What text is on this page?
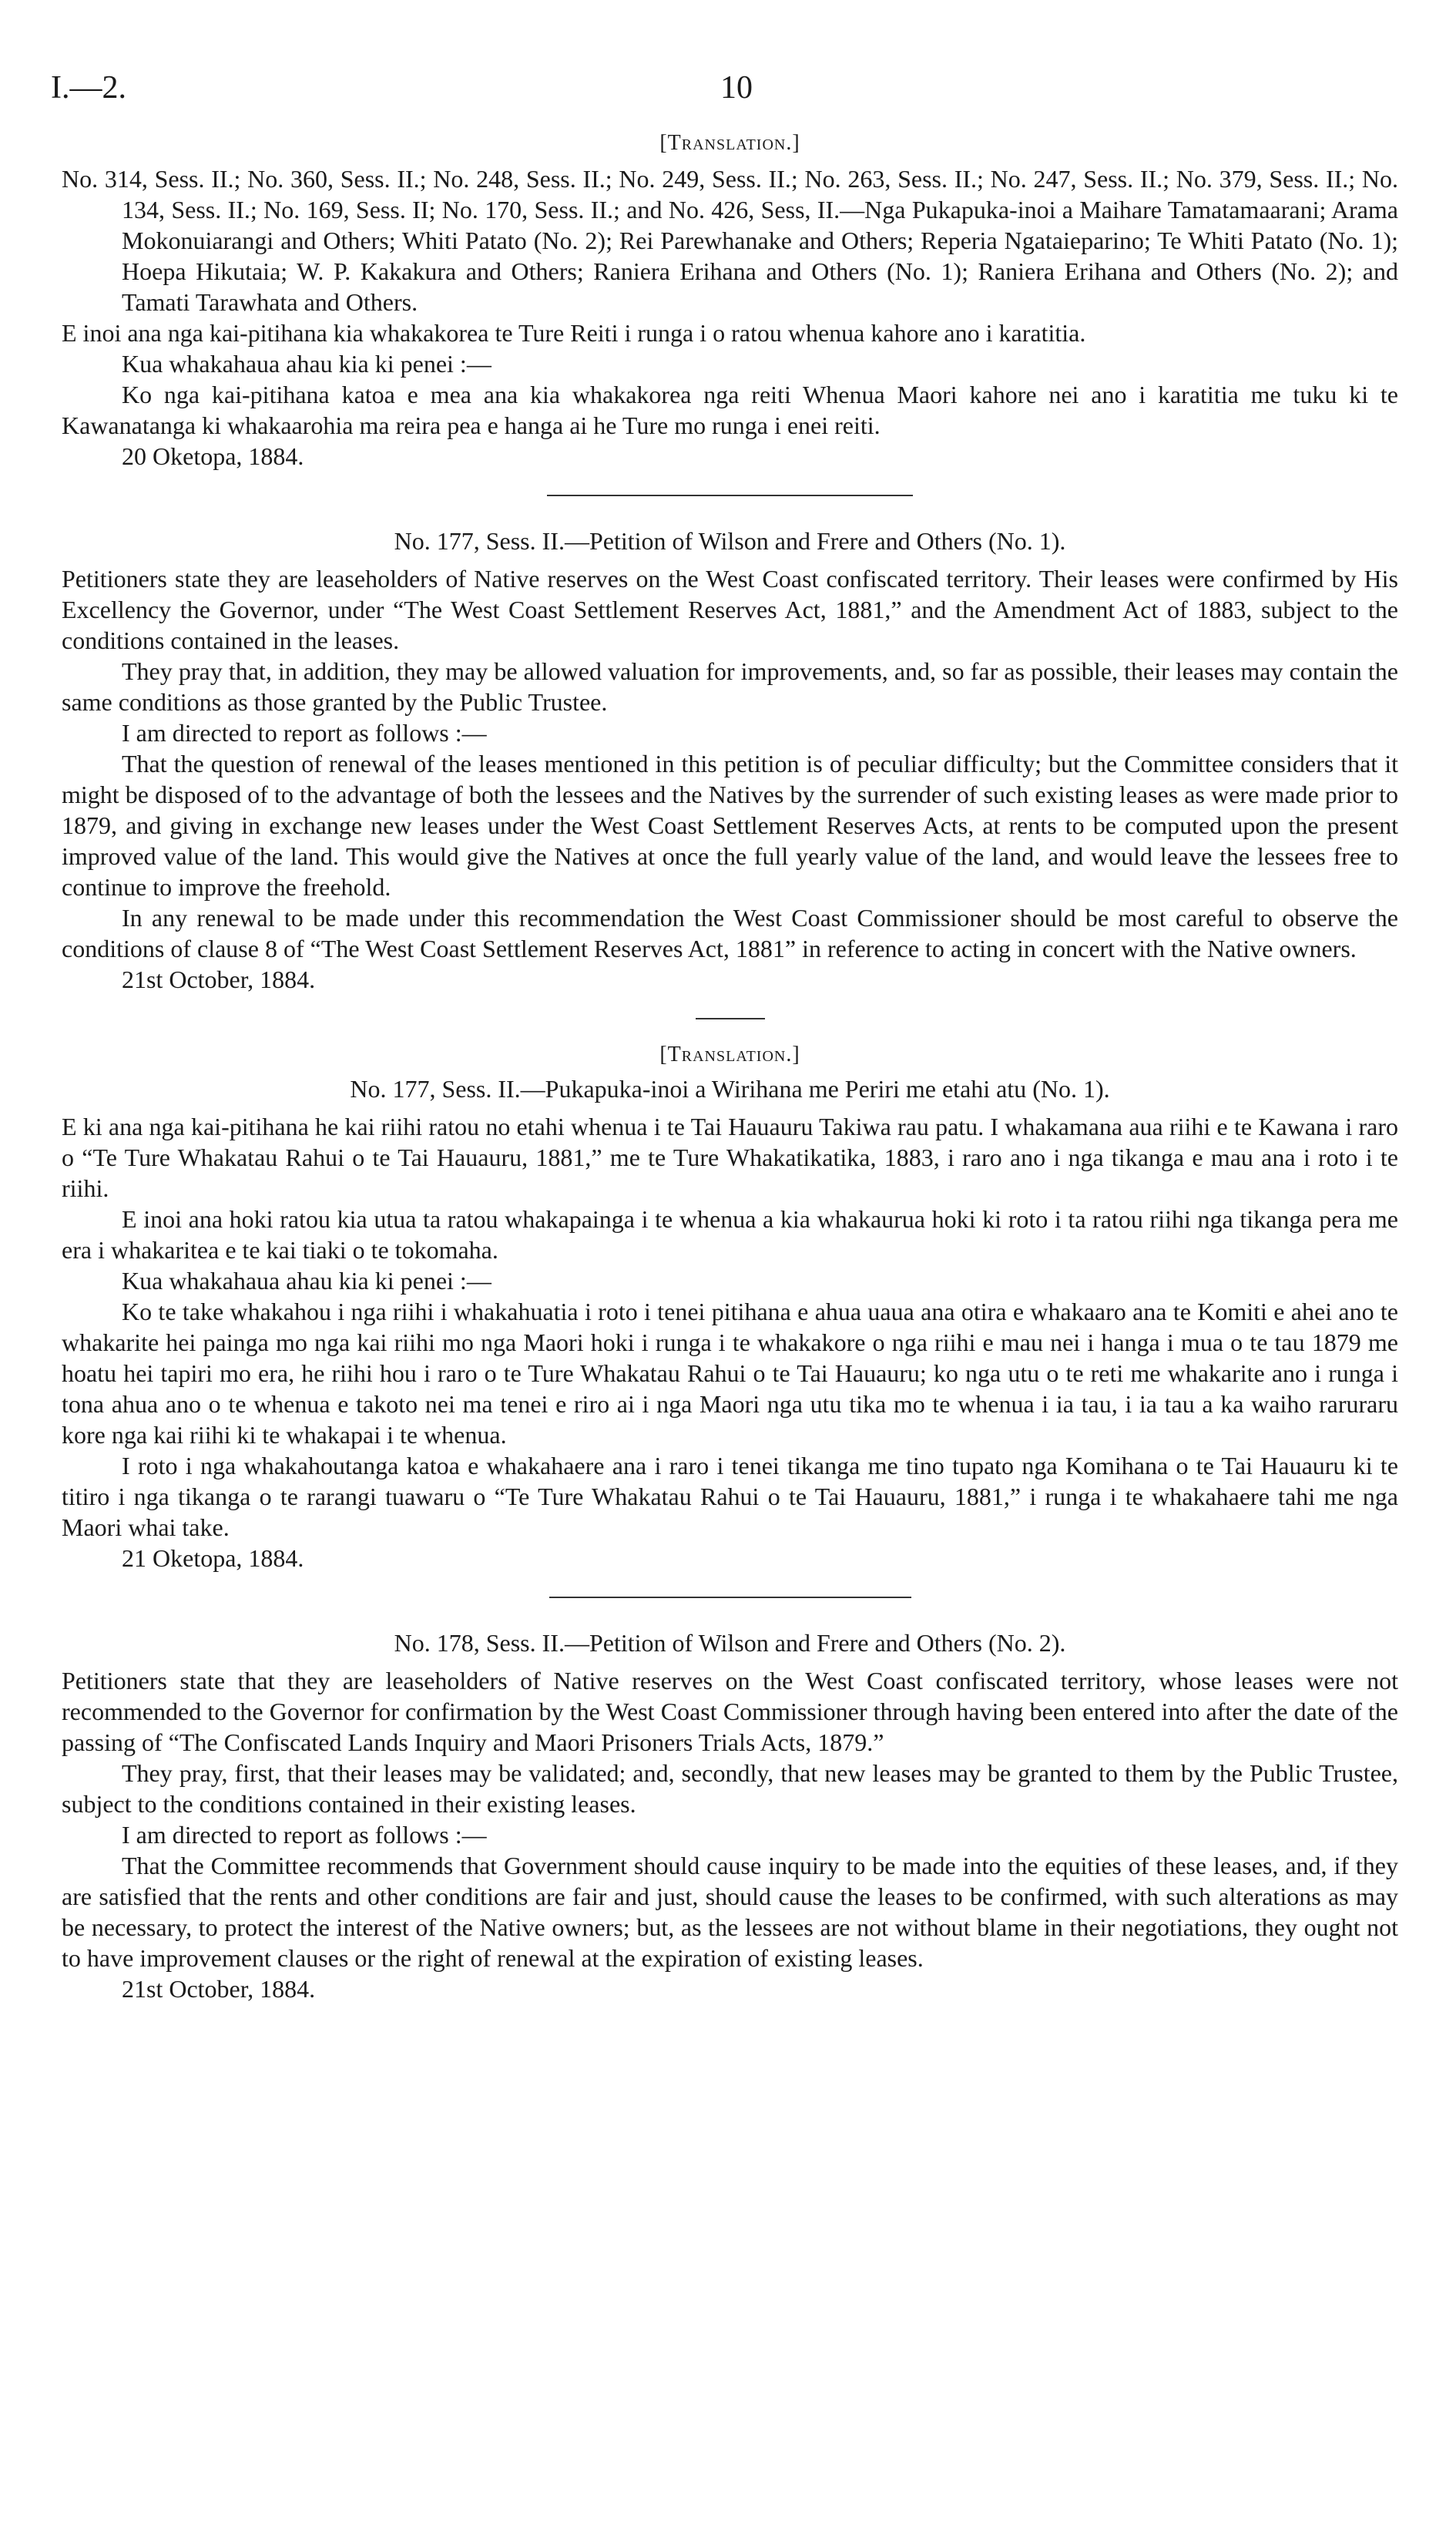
I.—2.	10
[Translation.]

No. 314, Sess. II.; No. 360, Sess. II.; No. 248, Sess. II.; No. 249, Sess. II.; No. 263, Sess. II.; No. 247, Sess. II.; No. 379, Sess. II.; No. 134, Sess. II.; No. 169, Sess. II; No. 170, Sess. II.; and No. 426, Sess, II.—Nga Pukapuka-inoi a Maihare Tamatamaarani; Arama Mokonuiarangi and Others; Whiti Patato (No. 2); Rei Parewhanake and Others; Reperia Ngataieparino; Te Whiti Patato (No. 1); Hoepa Hikutaia; W. P. Kakakura and Others; Raniera Erihana and Others (No. 1); Raniera Erihana and Others (No. 2); and Tamati Tarawhata and Others.

E inoi ana nga kai-pitihana kia whakakorea te Ture Reiti i runga i o ratou whenua kahore ano i karatitia.

Kua whakahaua ahau kia ki penei :—

Ko nga kai-pitihana katoa e mea ana kia whakakorea nga reiti Whenua Maori kahore nei ano i karatitia me tuku ki te Kawanatanga ki whakaarohia ma reira pea e hanga ai he Ture mo runga i enei reiti.

20 Oketopa, 1884.

No. 177, Sess. II.—Petition of Wilson and Frere and Others (No. 1).

Petitioners state they are leaseholders of Native reserves on the West Coast confiscated territory. Their leases were confirmed by His Excellency the Governor, under “The West Coast Settlement Reserves Act, 1881,” and the Amendment Act of 1883, subject to the conditions contained in the leases.

They pray that, in addition, they may be allowed valuation for improvements, and, so far as possible, their leases may contain the same conditions as those granted by the Public Trustee.

I am directed to report as follows :—

That the question of renewal of the leases mentioned in this petition is of peculiar difficulty; but the Committee considers that it might be disposed of to the advantage of both the lessees and the Natives by the surrender of such existing leases as were made prior to 1879, and giving in exchange new leases under the West Coast Settlement Reserves Acts, at rents to be computed upon the present improved value of the land. This would give the Natives at once the full yearly value of the land, and would leave the lessees free to continue to improve the freehold.

In any renewal to be made under this recommendation the West Coast Commissioner should be most careful to observe the conditions of clause 8 of “The West Coast Settlement Reserves Act, 1881” in reference to acting in concert with the Native owners.

21st October, 1884.

[Translation.]
No. 177, Sess. II.—Pukapuka-inoi a Wirihana me Periri me etahi atu (No. 1).

E ki ana nga kai-pitihana he kai riihi ratou no etahi whenua i te Tai Hauauru Takiwa rau patu. I whakamana aua riihi e te Kawana i raro o “Te Ture Whakatau Rahui o te Tai Hauauru, 1881,” me te Ture Whakatikatika, 1883, i raro ano i nga tikanga e mau ana i roto i te riihi.

E inoi ana hoki ratou kia utua ta ratou whakapainga i te whenua a kia whakaurua hoki ki roto i ta ratou riihi nga tikanga pera me era i whakaritea e te kai tiaki o te tokomaha.

Kua whakahaua ahau kia ki penei :—

Ko te take whakahou i nga riihi i whakahuatia i roto i tenei pitihana e ahua uaua ana otira e whakaaro ana te Komiti e ahei ano te whakarite hei painga mo nga kai riihi mo nga Maori hoki i runga i te whakakore o nga riihi e mau nei i hanga i mua o te tau 1879 me hoatu hei tapiri mo era, he riihi hou i raro o te Ture Whakatau Rahui o te Tai Hauauru; ko nga utu o te reti me whakarite ano i runga i tona ahua ano o te whenua e takoto nei ma tenei e riro ai i nga Maori nga utu tika mo te whenua i ia tau, i ia tau a ka waiho raruraru kore nga kai riihi ki te whakapai i te whenua.

I roto i nga whakahoutanga katoa e whakahaere ana i raro i tenei tikanga me tino tupato nga Komihana o te Tai Hauauru ki te titiro i nga tikanga o te rarangi tuawaru o “Te Ture Whakatau Rahui o te Tai Hauauru, 1881,” i runga i te whakahaere tahi me nga Maori whai take.

21 Oketopa, 1884.

No. 178, Sess. II.—Petition of Wilson and Frere and Others (No. 2).

Petitioners state that they are leaseholders of Native reserves on the West Coast confiscated territory, whose leases were not recommended to the Governor for confirmation by the West Coast Commissioner through having been entered into after the date of the passing of “The Confiscated Lands Inquiry and Maori Prisoners Trials Acts, 1879.”

They pray, first, that their leases may be validated; and, secondly, that new leases may be granted to them by the Public Trustee, subject to the conditions contained in their existing leases.

I am directed to report as follows :—

That the Committee recommends that Government should cause inquiry to be made into the equities of these leases, and, if they are satisfied that the rents and other conditions are fair and just, should cause the leases to be confirmed, with such alterations as may be necessary, to protect the interest of the Native owners; but, as the lessees are not without blame in their negotiations, they ought not to have improvement clauses or the right of renewal at the expiration of existing leases.

21st October, 1884.
